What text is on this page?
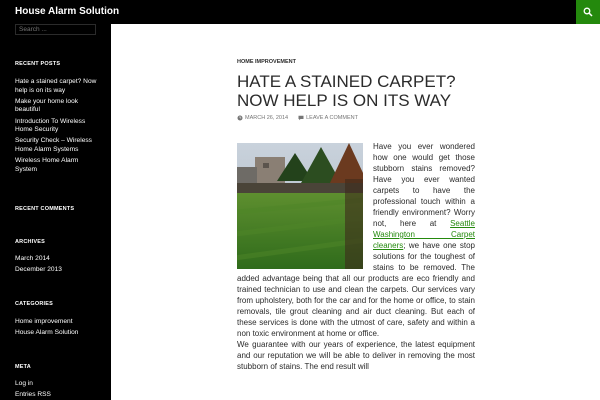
House Alarm Solution
Search ...
RECENT POSTS
Hate a stained carpet? Now help is on its way
Make your home look beautiful
Introduction To Wireless Home Security
Security Check – Wireless Home Alarm Systems
Wireless Home Alarm System
RECENT COMMENTS
ARCHIVES
March 2014
December 2013
CATEGORIES
Home improvement
House Alarm Solution
META
Log in
Entries RSS
HOME IMPROVEMENT
HATE A STAINED CARPET? NOW HELP IS ON ITS WAY
MARCH 26, 2014	LEAVE A COMMENT
Have you ever wondered how one would get those stubborn stains removed? Have you ever wanted carpets to have the professional touch within a friendly environment? Worry not, here at Seattle Washington Carpet cleaners; we have one stop solutions for the toughest of stains to be removed. The added advantage being that all our products are eco friendly and trained technician to use and clean the carpets. Our services vary from upholstery, both for the car and for the home or office, to stain removals, tile grout cleaning and air duct cleaning. But each of these services is done with the utmost of care, safety and within a non toxic environment at home or office.
We guarantee with our years of experience, the latest equipment and our reputation we will be able to deliver in removing the most stubborn of stains. The end result will
